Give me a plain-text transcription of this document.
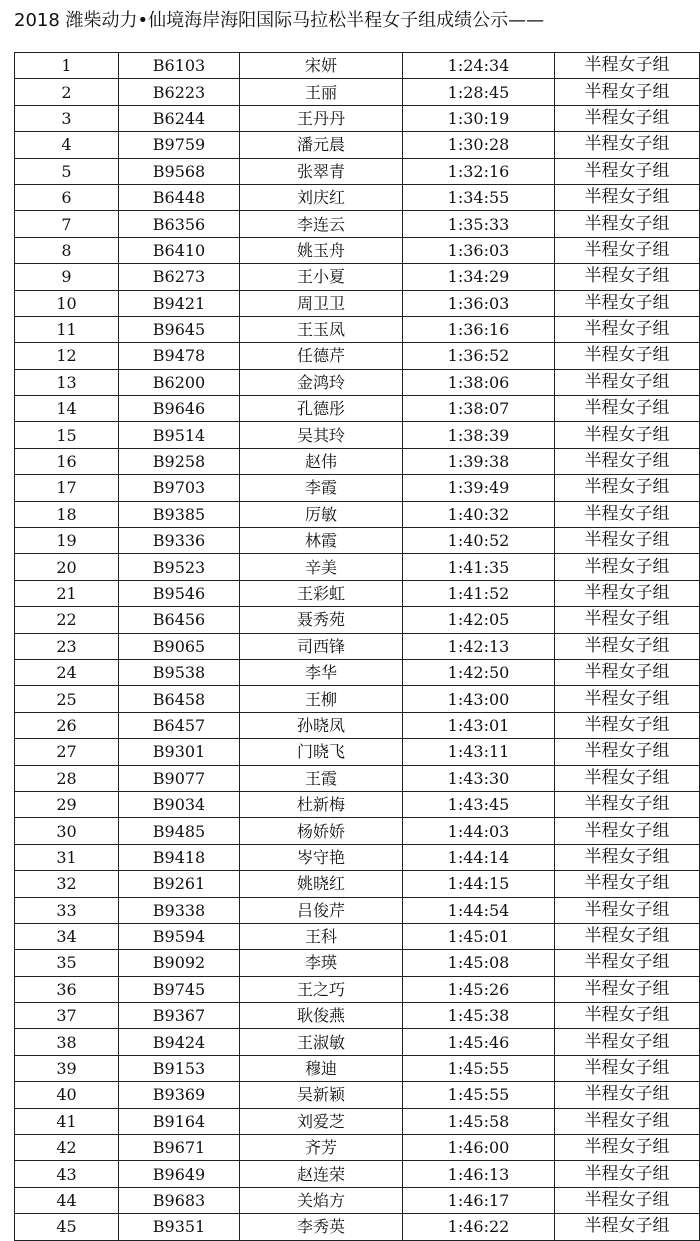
2018 潍柴动力•仙境海岸海阳国际马拉松半程女子组成绩公示——
1	B6103	宋妍	1:24:34	半程女子组
2	B6223	王丽	1:28:45	半程女子组
3	B6244	王丹丹	1:30:19	半程女子组
4	B9759	潘元晨	1:30:28	半程女子组
5	B9568	张翠青	1:32:16	半程女子组
6	B6448	刘庆红	1:34:55	半程女子组
7	B6356	李连云	1:35:33	半程女子组
8	B6410	姚玉舟	1:36:03	半程女子组
9	B6273	王小夏	1:34:29	半程女子组
10	B9421	周卫卫	1:36:03	半程女子组
11	B9645	王玉凤	1:36:16	半程女子组
12	B9478	任德芹	1:36:52	半程女子组
13	B6200	金鸿玲	1:38:06	半程女子组
14	B9646	孔德彤	1:38:07	半程女子组
15	B9514	吴其玲	1:38:39	半程女子组
16	B9258	赵伟	1:39:38	半程女子组
17	B9703	李霞	1:39:49	半程女子组
18	B9385	厉敏	1:40:32	半程女子组
19	B9336	林霞	1:40:52	半程女子组
20	B9523	辛美	1:41:35	半程女子组
21	B9546	王彩虹	1:41:52	半程女子组
22	B6456	聂秀苑	1:42:05	半程女子组
23	B9065	司西锋	1:42:13	半程女子组
24	B9538	李华	1:42:50	半程女子组
25	B6458	王柳	1:43:00	半程女子组
26	B6457	孙晓凤	1:43:01	半程女子组
27	B9301	门晓飞	1:43:11	半程女子组
28	B9077	王霞	1:43:30	半程女子组
29	B9034	杜新梅	1:43:45	半程女子组
30	B9485	杨娇娇	1:44:03	半程女子组
31	B9418	岑守艳	1:44:14	半程女子组
32	B9261	姚晓红	1:44:15	半程女子组
33	B9338	吕俊芹	1:44:54	半程女子组
34	B9594	王科	1:45:01	半程女子组
35	B9092	李瑛	1:45:08	半程女子组
36	B9745	王之巧	1:45:26	半程女子组
37	B9367	耿俊燕	1:45:38	半程女子组
38	B9424	王淑敏	1:45:46	半程女子组
39	B9153	穆迪	1:45:55	半程女子组
40	B9369	吴新颖	1:45:55	半程女子组
41	B9164	刘爱芝	1:45:58	半程女子组
42	B9671	齐芳	1:46:00	半程女子组
43	B9649	赵连荣	1:46:13	半程女子组
44	B9683	关焰方	1:46:17	半程女子组
45	B9351	李秀英	1:46:22	半程女子组
